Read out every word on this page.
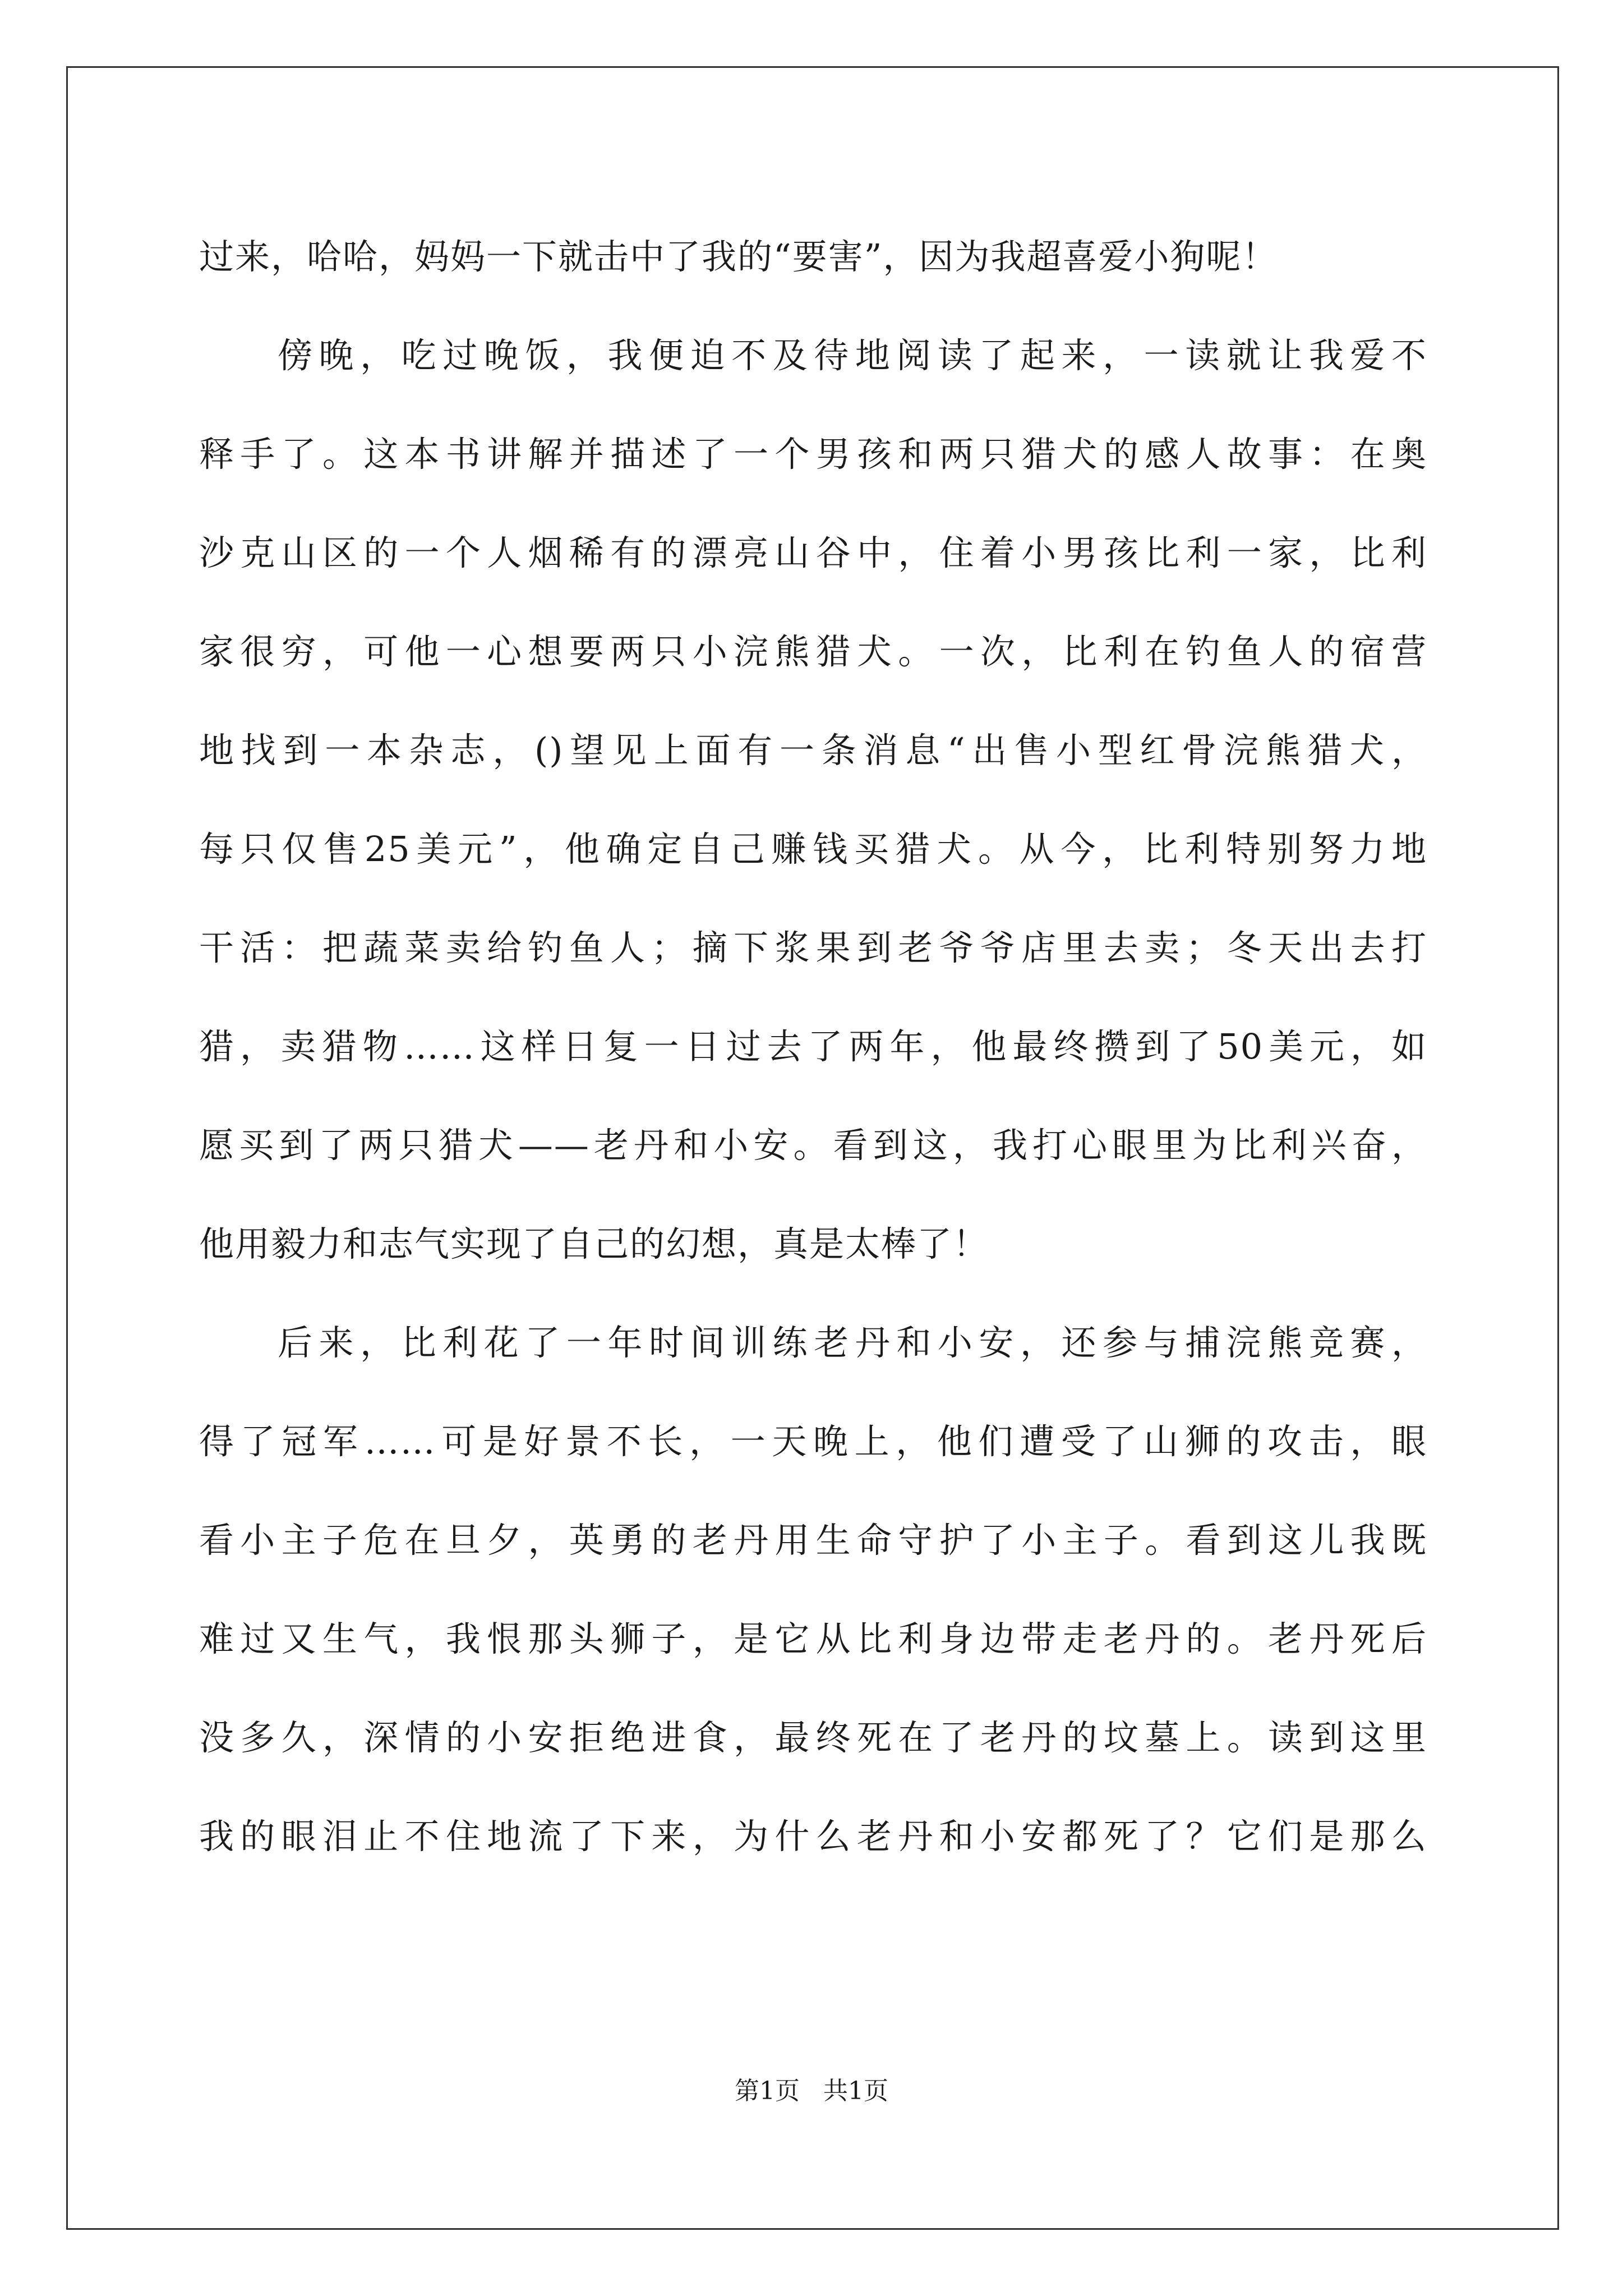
过来，哈哈，妈妈一下就击中了我的“要害”，因为我超喜爱小狗呢！
傍晚，吃过晚饭，我便迫不及待地阅读了起来，一读就让我爱不
释手了。这本书讲解并描述了一个男孩和两只猎犬的感人故事：在奥
沙克山区的一个人烟稀有的漂亮山谷中，住着小男孩比利一家，比利
家很穷，可他一心想要两只小浣熊猎犬。一次，比利在钓鱼人的宿营
地找到一本杂志，()望见上面有一条消息“出售小型红骨浣熊猎犬，
每只仅售25美元”，他确定自己赚钱买猎犬。从今，比利特别努力地
干活：把蔬菜卖给钓鱼人；摘下浆果到老爷爷店里去卖；冬天出去打
猎，卖猎物……这样日复一日过去了两年，他最终攒到了50美元，如
愿买到了两只猎犬——老丹和小安。看到这，我打心眼里为比利兴奋，
他用毅力和志气实现了自己的幻想，真是太棒了！
后来，比利花了一年时间训练老丹和小安，还参与捕浣熊竞赛，
得了冠军……可是好景不长，一天晚上，他们遭受了山狮的攻击，眼
看小主子危在旦夕，英勇的老丹用生命守护了小主子。看到这儿我既
难过又生气，我恨那头狮子，是它从比利身边带走老丹的。老丹死后
没多久，深情的小安拒绝进食，最终死在了老丹的坟墓上。读到这里
我的眼泪止不住地流了下来，为什么老丹和小安都死了？它们是那么
第1页 共1页
